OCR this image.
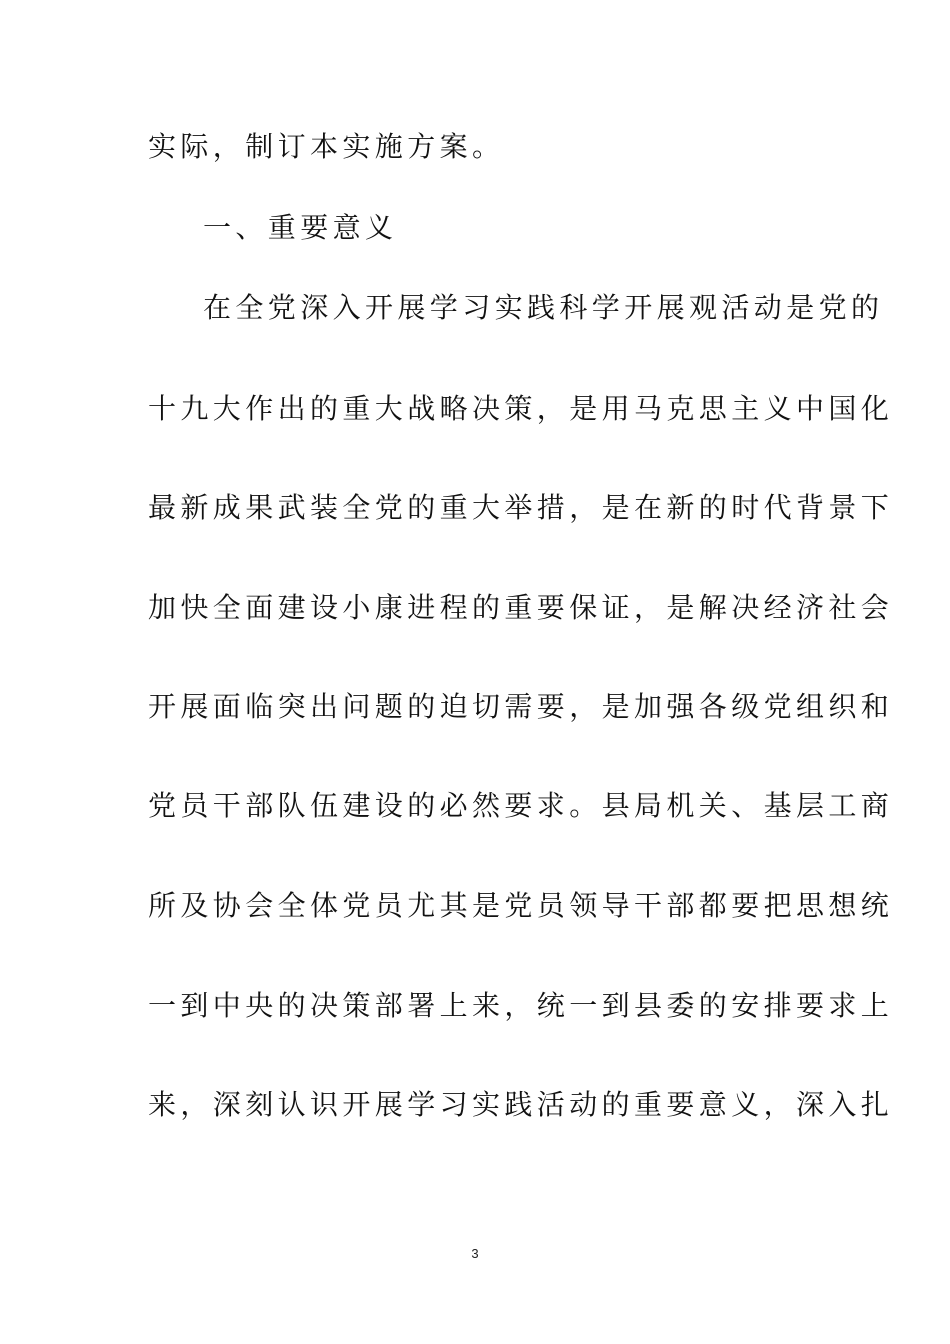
实际，制订本实施方案。
一、重要意义
在全党深入开展学习实践科学开展观活动是党的
十九大作出的重大战略决策，是用马克思主义中国化
最新成果武装全党的重大举措，是在新的时代背景下
加快全面建设小康进程的重要保证，是解决经济社会
开展面临突出问题的迫切需要，是加强各级党组织和
党员干部队伍建设的必然要求。县局机关、基层工商
所及协会全体党员尤其是党员领导干部都要把思想统
一到中央的决策部署上来，统一到县委的安排要求上
来，深刻认识开展学习实践活动的重要意义，深入扎
3
